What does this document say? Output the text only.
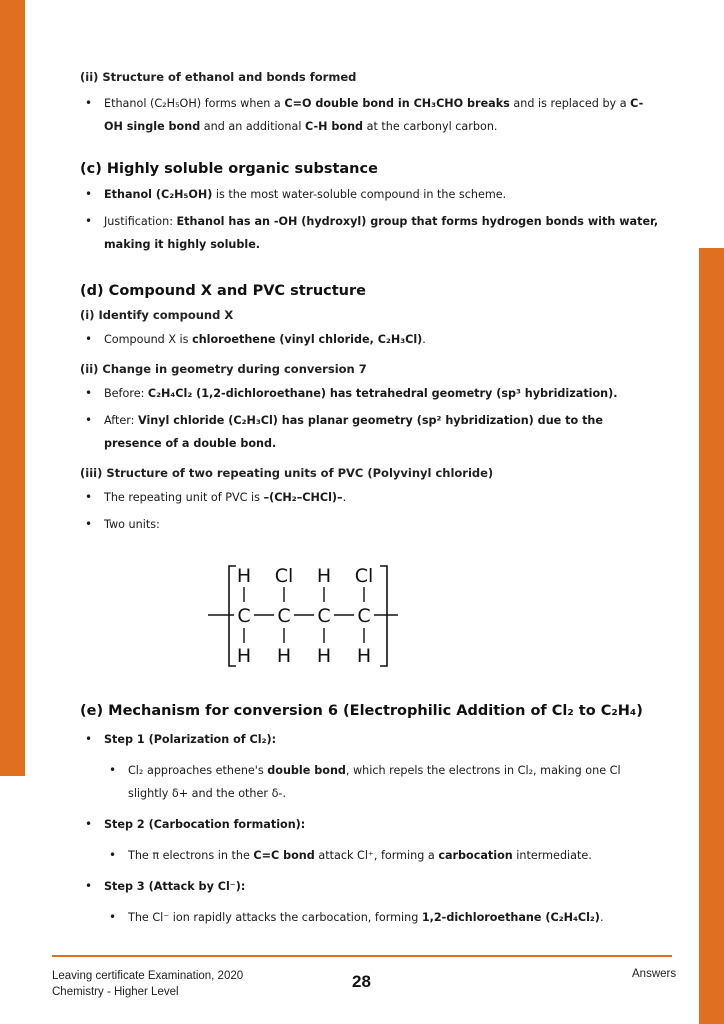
(ii) Structure of ethanol and bonds formed
• Ethanol (C₂H₅OH) forms when a C=O double bond in CH₃CHO breaks and is replaced by a C-OH single bond and an additional C-H bond at the carbonyl carbon.
(c) Highly soluble organic substance
• Ethanol (C₂H₅OH) is the most water-soluble compound in the scheme.
• Justification: Ethanol has an -OH (hydroxyl) group that forms hydrogen bonds with water, making it highly soluble.
(d) Compound X and PVC structure
(i) Identify compound X
• Compound X is chloroethene (vinyl chloride, C₂H₃Cl).
(ii) Change in geometry during conversion 7
• Before: C₂H₄Cl₂ (1,2-dichloroethane) has tetrahedral geometry (sp³ hybridization).
• After: Vinyl chloride (C₂H₃Cl) has planar geometry (sp² hybridization) due to the presence of a double bond.
(iii) Structure of two repeating units of PVC (Polyvinyl chloride)
• The repeating unit of PVC is –(CH₂–CHCl)–.
• Two units:
H Cl H Cl
C C C C
H H H H
(e) Mechanism for conversion 6 (Electrophilic Addition of Cl₂ to C₂H₄)
• Step 1 (Polarization of Cl₂):
• Cl₂ approaches ethene's double bond, which repels the electrons in Cl₂, making one Cl slightly δ+ and the other δ-.
• Step 2 (Carbocation formation):
• The π electrons in the C=C bond attack Cl⁺, forming a carbocation intermediate.
• Step 3 (Attack by Cl⁻):
• The Cl⁻ ion rapidly attacks the carbocation, forming 1,2-dichloroethane (C₂H₄Cl₂).
Leaving certificate Examination, 2020
Chemistry - Higher Level
28	Answers
